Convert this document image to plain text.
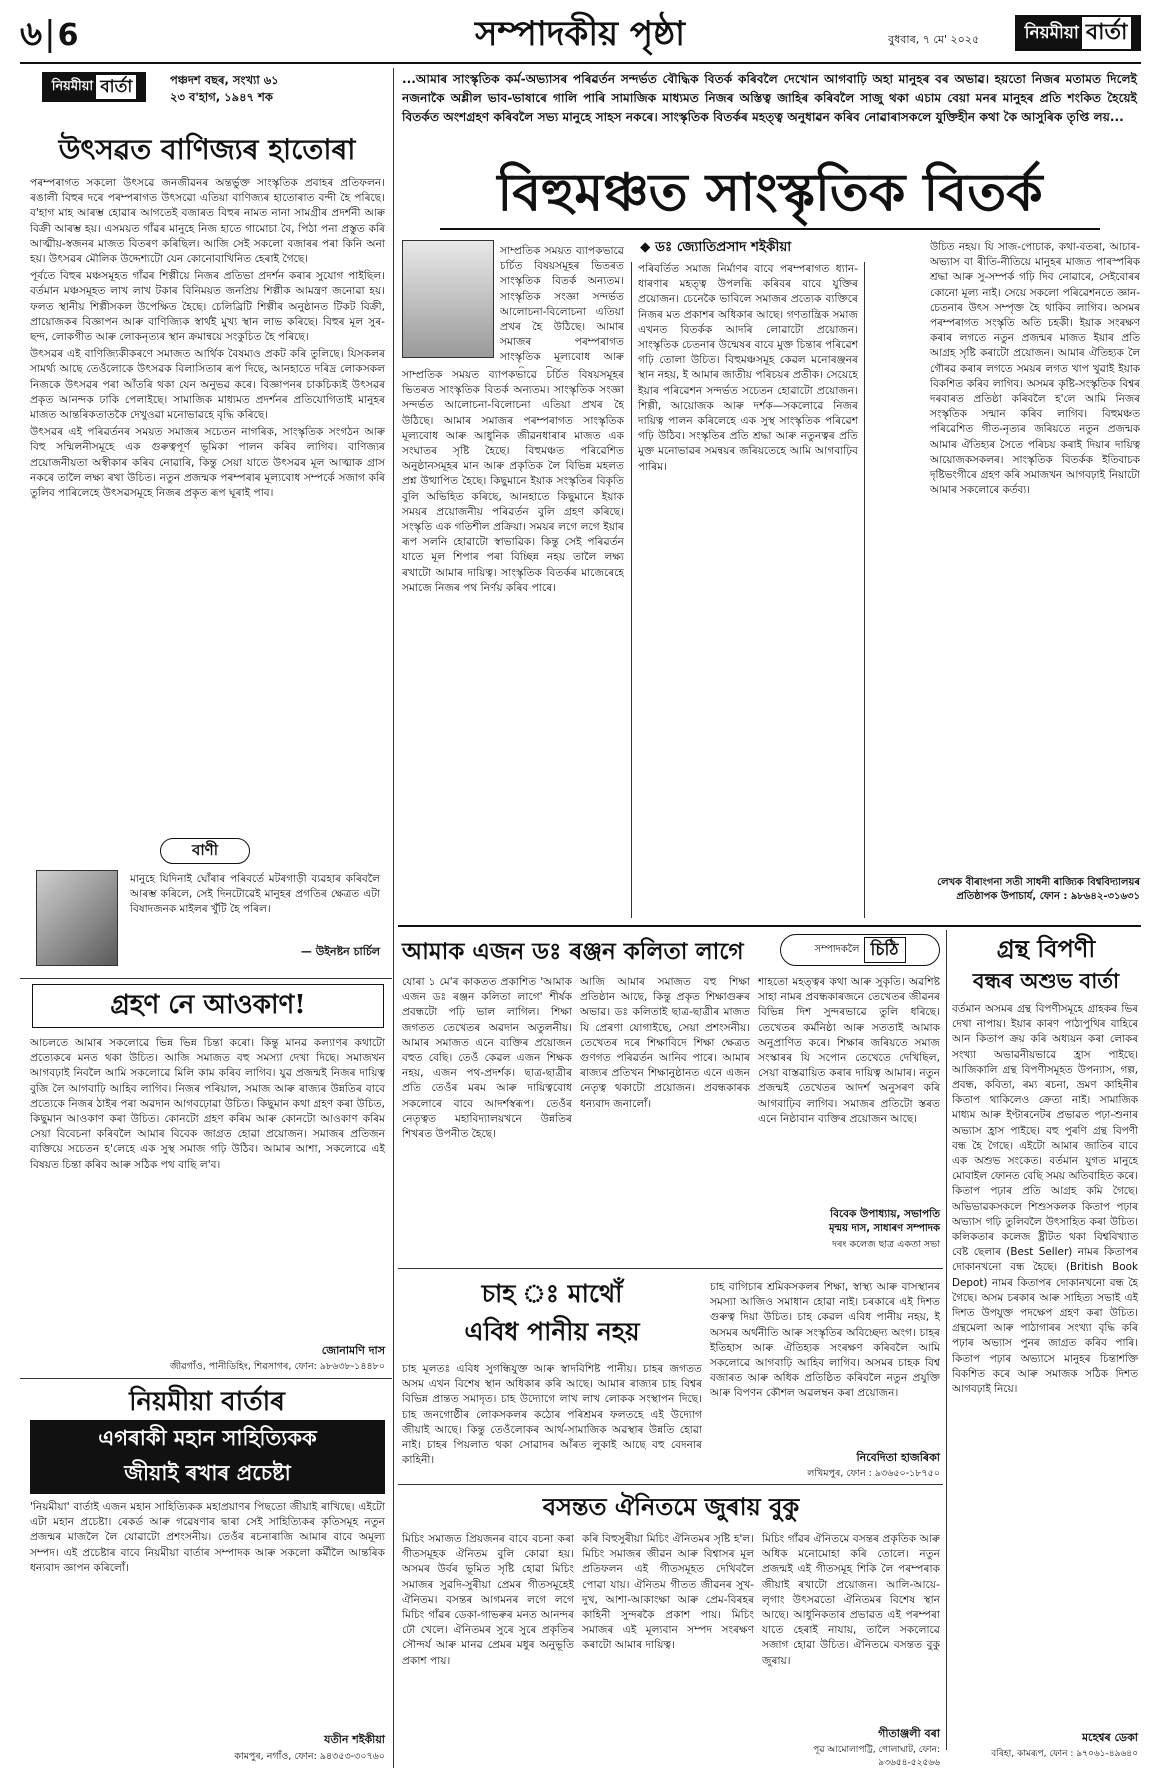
৬|6	সম্পাদকীয় পৃষ্ঠা	বুধবাৰ, ৭ মে' ২০২৫	নিয়মীয়া বাৰ্তা
নিয়মীয়া বাৰ্তা	পঞ্চদশ বছৰ, সংখ্যা ৬১
২৩ ব'হাগ, ১৯৪৭ শক
উৎসৱত বাণিজ্যৰ হাতোৰা

পৰম্পৰাগত সকলো উৎসৱে জনজীৱনৰ অন্তৰ্ভুক্ত সাংস্কৃতিক প্ৰবাহৰ প্ৰতিফলন। ৰঙালী বিহুৰ দৰে পৰম্পৰাগত উৎসৱো এতিয়া বাণিজ্যৰ হাতোৰাত বন্দী হৈ পৰিছে। ব'হাগ মাহ আৰম্ভ হোৱাৰ আগতেই বজাৰত বিহুৰ নামত নানা সামগ্ৰীৰ প্ৰদৰ্শনী আৰু বিক্ৰী আৰম্ভ হয়। এসময়ত গাঁৱৰ মানুহে নিজ হাতে গামোচা বৈ, পিঠা পনা প্ৰস্তুত কৰি আত্মীয়-স্বজনৰ মাজত বিতৰণ কৰিছিল। আজি সেই সকলো বজাৰৰ পৰা কিনি অনা হয়। উৎসৱৰ মৌলিক উদ্দেশ্যটো যেন কোনোবাখিনিত হেৰাই গৈছে।

পূৰ্বতে বিহুৰ মঞ্চসমূহত গাঁৱৰ শিল্পীয়ে নিজৰ প্ৰতিভা প্ৰদৰ্শন কৰাৰ সুযোগ পাইছিল। বৰ্তমান মঞ্চসমূহত লাখ লাখ টকাৰ বিনিময়ত জনপ্ৰিয় শিল্পীক আমন্ত্ৰণ জনোৱা হয়। ফলত স্থানীয় শিল্পীসকল উপেক্ষিত হৈছে। চেলিব্ৰিটি শিল্পীৰ অনুষ্ঠানত টিকট বিক্ৰী, প্ৰায়োজকৰ বিজ্ঞাপন আৰু বাণিজ্যিক স্বাৰ্থই মুখ্য স্থান লাভ কৰিছে। বিহুৰ মূল সুৰ-ছন্দ, লোকগীত আৰু লোকনৃত্যৰ স্থান ক্ৰমান্বয়ে সংকুচিত হৈ পৰিছে।

উৎসৱৰ এই বাণিজ্যিকীকৰণে সমাজত আৰ্থিক বৈষম্যও প্ৰকট কৰি তুলিছে। যিসকলৰ সামৰ্থ্য আছে তেওঁলোকে উৎসৱক বিলাসিতাৰ ৰূপ দিছে, আনহাতে দৰিদ্ৰ লোকসকল নিজকে উৎসৱৰ পৰা আঁতৰি থকা যেন অনুভৱ কৰে। বিজ্ঞাপনৰ চাকচিক্যই উৎসৱৰ প্ৰকৃত আনন্দক ঢাকি পেলাইছে। সামাজিক মাধ্যমত প্ৰদৰ্শনৰ প্ৰতিযোগিতাই মানুহৰ মাজত আন্তৰিকতাতকৈ দেখুওৱা মনোভাৱহে বৃদ্ধি কৰিছে।

উৎসৱৰ এই পৰিৱৰ্তনৰ সময়ত সমাজৰ সচেতন নাগৰিক, সাংস্কৃতিক সংগঠন আৰু বিহু সন্মিলনীসমূহে এক গুৰুত্বপূৰ্ণ ভূমিকা পালন কৰিব লাগিব। বাণিজ্যৰ প্ৰয়োজনীয়তা অস্বীকাৰ কৰিব নোৱাৰি, কিন্তু সেয়া যাতে উৎসৱৰ মূল আত্মাক গ্ৰাস নকৰে তালৈ লক্ষ্য ৰখা উচিত। নতুন প্ৰজন্মক পৰম্পৰাৰ মূল্যবোধ সম্পৰ্কে সজাগ কৰি তুলিব পাৰিলেহে উৎসৱসমূহে নিজৰ প্ৰকৃত ৰূপ ঘূৰাই পাব।

বাণী
মানুহে যিদিনাই ঘোঁৰাৰ পৰিবৰ্তে মটৰগাড়ী ব্যৱহাৰ কৰিবলৈ আৰম্ভ কৰিলে, সেই দিনটোৱেই মানুহৰ প্ৰগতিৰ ক্ষেত্ৰত এটা বিষাদজনক মাইলৰ খুঁটি হৈ পৰিল।
— উইনষ্টন চাৰ্চিল
গ্ৰহণ নে আওকাণ!
আচলতে আমাৰ সকলোৱে ভিন্ন ভিন্ন চিন্তা কৰো। কিন্তু মানৱ কল্যাণৰ কথাটো প্ৰত্যেকৰে মনত থকা উচিত। আজি সমাজত বহু সমস্যা দেখা দিছে। সমাজখন আগবঢ়াই নিবলৈ আমি সকলোৱে মিলি কাম কৰিব লাগিব। যুৱ প্ৰজন্মই নিজৰ দায়িত্ব বুজি লৈ আগবাঢ়ি আহিব লাগিব। নিজৰ পৰিয়াল, সমাজ আৰু ৰাজ্যৰ উন্নতিৰ বাবে প্ৰত্যেকে নিজৰ ঠাইৰ পৰা অৱদান আগবঢ়োৱা উচিত। কিছুমান কথা গ্ৰহণ কৰা উচিত, কিছুমান আওকাণ কৰা উচিত। কোনটো গ্ৰহণ কৰিম আৰু কোনটো আওকাণ কৰিম সেয়া বিবেচনা কৰিবলৈ আমাৰ বিবেক জাগ্ৰত হোৱা প্ৰয়োজন। সমাজৰ প্ৰতিজন ব্যক্তিয়ে সচেতন হ'লেহে এক সুস্থ সমাজ গঢ়ি উঠিব। আমাৰ আশা, সকলোৱে এই বিষয়ত চিন্তা কৰিব আৰু সঠিক পথ বাছি ল'ব।
জোনামণি দাস
জীৱগাঁও, পানীডিহিং, শিৱসাগৰ, ফোন: ৯৮৬৩৮-১৪৪৮০
নিয়মীয়া বাৰ্তাৰ
এগৰাকী মহান সাহিত্যিকক
জীয়াই ৰখাৰ প্ৰচেষ্টা
'নিয়মীয়া' বাৰ্তাই এজন মহান সাহিত্যিকক মহাপ্ৰয়াণৰ পিছতো জীয়াই ৰাখিছে। এইটো এটা মহান প্ৰচেষ্টা। ৰেকৰ্ড আৰু গৱেষণাৰ দ্বাৰা সেই সাহিত্যিকৰ কৃতিসমূহ নতুন প্ৰজন্মৰ মাজলৈ লৈ যোৱাটো প্ৰশংসনীয়। তেওঁৰ ৰচনাৰাজি আমাৰ বাবে অমূল্য সম্পদ। এই প্ৰচেষ্টাৰ বাবে নিয়মীয়া বাৰ্তাৰ সম্পাদক আৰু সকলো কৰ্মীলৈ আন্তৰিক ধন্যবাদ জ্ঞাপন কৰিলোঁ।
যতীন শইকীয়া
কামপুৰ, নগাঁও, ফোন: ৯৪৩৫৩-৩০৭৬০
...আমাৰ সাংস্কৃতিক কৰ্ম-অভ্যাসৰ পৰিৱৰ্তন সন্দৰ্ভত বৌদ্ধিক বিতৰ্ক কৰিবলৈ দেখোন আগবাঢ়ি অহা মানুহৰ বৰ অভাৱ। হয়তো নিজৰ মতামত দিলেই নজনাকৈ অশ্লীল ভাব-ভাষাৰে গালি পাৰি সামাজিক মাধ্যমত নিজৰ অস্তিত্ব জাহিৰ কৰিবলৈ সাজু থকা এচাম বেয়া মনৰ মানুহৰ প্ৰতি শংকিত হৈয়েই বিতৰ্কত অংশগ্ৰহণ কৰিবলৈ সভ্য মানুহে সাহস নকৰে। সাংস্কৃতিক বিতৰ্কৰ মহত্ত্ব অনুধাৱন কৰিব নোৱাৰাসকলে যুক্তিহীন কথা কৈ আসুৰিক তৃপ্তি লয়...
বিহুমঞ্চত সাংস্কৃতিক বিতৰ্ক
◆ ডঃ জ্যোতিপ্ৰসাদ শইকীয়া
সাম্প্ৰতিক সময়ত ব্যাপকভাৱে চৰ্চিত বিষয়সমূহৰ ভিতৰত সাংস্কৃতিক বিতৰ্ক অন্যতম। সাংস্কৃতিক সংজ্ঞা সন্দৰ্ভত আলোচনা-বিলোচনা এতিয়া প্ৰখৰ হৈ উঠিছে। আমাৰ সমাজৰ পৰম্পৰাগত সাংস্কৃতিক মূল্যবোধ আৰু
সাম্প্ৰতিক সময়ত ব্যাপকভাৱে চৰ্চিত বিষয়সমূহৰ ভিতৰত সাংস্কৃতিক বিতৰ্ক অন্যতম। সাংস্কৃতিক সংজ্ঞা সন্দৰ্ভত আলোচনা-বিলোচনা এতিয়া প্ৰখৰ হৈ উঠিছে। আমাৰ সমাজৰ পৰম্পৰাগত সাংস্কৃতিক মূল্যবোধ আৰু আধুনিক জীৱনধাৰাৰ মাজত এক সংঘাতৰ সৃষ্টি হৈছে। বিহুমঞ্চত পৰিৱেশিত অনুষ্ঠানসমূহৰ মান আৰু প্ৰকৃতিক লৈ বিভিন্ন মহলত প্ৰশ্ন উত্থাপিত হৈছে। কিছুমানে ইয়াক সংস্কৃতিৰ বিকৃতি বুলি অভিহিত কৰিছে, আনহাতে কিছুমানে ইয়াক সময়ৰ প্ৰয়োজনীয় পৰিৱৰ্তন বুলি গ্ৰহণ কৰিছে। সংস্কৃতি এক গতিশীল প্ৰক্ৰিয়া। সময়ৰ লগে লগে ইয়াৰ ৰূপ সলনি হোৱাটো স্বাভাৱিক। কিন্তু সেই পৰিৱৰ্তন যাতে মূল শিপাৰ পৰা বিচ্ছিন্ন নহয় তালৈ লক্ষ্য ৰখাটো আমাৰ দায়িত্ব। সাংস্কৃতিক বিতৰ্কৰ মাজেৰেহে সমাজে নিজৰ পথ নিৰ্ণয় কৰিব পাৰে।
পৰিবৰ্তিত সমাজ নিৰ্মাণৰ বাবে পৰম্পৰাগত ধ্যান-ধাৰণাৰ মহত্ত্ব উপলব্ধি কৰিবৰ বাবে যুক্তিৰ প্ৰয়োজন। চেনেকৈ ভাবিলে সমাজৰ প্ৰত্যেক ব্যক্তিৰে নিজৰ মত প্ৰকাশৰ অধিকাৰ আছে। গণতান্ত্ৰিক সমাজ এখনত বিতৰ্কক আদৰি লোৱাটো প্ৰয়োজন। সাংস্কৃতিক চেতনাৰ উন্মেষৰ বাবে মুক্ত চিন্তাৰ পৰিৱেশ গঢ়ি তোলা উচিত। বিহুমঞ্চসমূহ কেৱল মনোৰঞ্জনৰ স্থান নহয়, ই আমাৰ জাতীয় পৰিচয়ৰ প্ৰতীক। সেয়েহে ইয়াৰ পৰিৱেশন সন্দৰ্ভত সচেতন হোৱাটো প্ৰয়োজন। শিল্পী, আয়োজক আৰু দৰ্শক—সকলোৱে নিজৰ দায়িত্ব পালন কৰিলেহে এক সুস্থ সাংস্কৃতিক পৰিৱেশ গঢ়ি উঠিব। সংস্কৃতিৰ প্ৰতি শ্ৰদ্ধা আৰু নতুনত্বৰ প্ৰতি মুক্ত মনোভাৱৰ সমন্বয়ৰ জৰিয়তেহে আমি আগবাঢ়িব পাৰিম।
উচিত নহয়। যি সাজ-পোচাক, কথা-বতৰা, আচাৰ-অভ্যাস বা ৰীতি-নীতিয়ে মানুহৰ মাজত পাৰস্পৰিক শ্ৰদ্ধা আৰু সু-সম্পৰ্ক গঢ়ি দিব নোৱাৰে, সেইবোৰৰ কোনো মূল্য নাই। সেয়ে সকলো পৰিৱেশনতে জ্ঞান-চেতনাৰ উৎস সম্পৃক্ত হৈ থাকিব লাগিব। অসমৰ পৰম্পৰাগত সংস্কৃতি অতি চহকী। ইয়াক সংৰক্ষণ কৰাৰ লগতে নতুন প্ৰজন্মৰ মাজত ইয়াৰ প্ৰতি আগ্ৰহ সৃষ্টি কৰাটো প্ৰয়োজন। আমাৰ ঐতিহ্যক লৈ গৌৰৱ কৰাৰ লগতে সময়ৰ লগত খাপ খুৱাই ইয়াক বিকশিত কৰিব লাগিব। অসমৰ কৃষ্টি-সংস্কৃতিক বিশ্বৰ দৰবাৰত প্ৰতিষ্ঠা কৰিবলৈ হ'লে আমি নিজৰ সংস্কৃতিক সন্মান কৰিব লাগিব। বিহুমঞ্চত পৰিৱেশিত গীত-নৃত্যৰ জৰিয়তে নতুন প্ৰজন্মক আমাৰ ঐতিহ্যৰ সৈতে পৰিচয় কৰাই দিয়াৰ দায়িত্ব আয়োজকসকলৰ। সাংস্কৃতিক বিতৰ্কক ইতিবাচক দৃষ্টিভংগীৰে গ্ৰহণ কৰি সমাজখন আগবঢ়াই নিয়াটো আমাৰ সকলোৰে কৰ্তব্য।
লেখক বীৰাংগনা সতী সাধনী ৰাজ্যিক বিশ্ববিদ্যালয়ৰ প্ৰতিষ্ঠাপক উপাচাৰ্য, ফোন : ৯৮৬৪২-৩১৬৩১
আমাক এজন ডঃ ৰঞ্জন কলিতা লাগে	সম্পাদকলৈ চিঠি
যোৰা ১ মে'ৰ কাকতত প্ৰকাশিত 'আমাক এজন ডঃ ৰঞ্জন কলিতা লাগে' শীৰ্ষক প্ৰবন্ধটো পঢ়ি ভাল লাগিল। শিক্ষা জগতত তেখেতৰ অৱদান অতুলনীয়। আমাৰ সমাজত এনে ব্যক্তিৰ প্ৰয়োজন বহুত বেছি। তেওঁ কেৱল এজন শিক্ষক নহয়, এজন পথ-প্ৰদৰ্শক। ছাত্ৰ-ছাত্ৰীৰ প্ৰতি তেওঁৰ মৰম আৰু দায়িত্ববোধ সকলোৰে বাবে আদৰ্শস্বৰূপ। তেওঁৰ নেতৃত্বত মহাবিদ্যালয়খনে উন্নতিৰ শিখৰত উপনীত হৈছে।
আজি আমাৰ সমাজত বহু শিক্ষা প্ৰতিষ্ঠান আছে, কিন্তু প্ৰকৃত শিক্ষাগুৰুৰ অভাৱ। ডঃ কলিতাই ছাত্ৰ-ছাত্ৰীৰ মাজত যি প্ৰেৰণা যোগাইছে, সেয়া প্ৰশংসনীয়। তেখেতৰ দৰে শিক্ষাবিদে শিক্ষা ক্ষেত্ৰত গুণগত পৰিৱৰ্তন আনিব পাৰে। আমাৰ ৰাজ্যৰ প্ৰতিখন শিক্ষানুষ্ঠানত এনে এজন নেতৃত্ব থকাটো প্ৰয়োজন। প্ৰবন্ধকাৰক ধন্যবাদ জনালোঁ।
শাহতো মহত্ত্বৰ কথা আৰু সুকৃতি। অৱশিষ্ট সাহা নামৰ প্ৰবন্ধকাৰজনে তেখেতৰ জীৱনৰ বিভিন্ন দিশ সুন্দৰভাৱে তুলি ধৰিছে। তেখেতৰ কৰ্মনিষ্ঠা আৰু সততাই আমাক অনুপ্ৰাণিত কৰে। শিক্ষাৰ জৰিয়তে সমাজ সংস্কাৰৰ যি সপোন তেখেতে দেখিছিল, সেয়া বাস্তৱায়িত কৰাৰ দায়িত্ব আমাৰ। নতুন প্ৰজন্মই তেখেতৰ আদৰ্শ অনুসৰণ কৰি আগবাঢ়িব লাগিব। সমাজৰ প্ৰতিটো স্তৰত এনে নিষ্ঠাবান ব্যক্তিৰ প্ৰয়োজন আছে।
বিবেক উপাধ্যায়, সভাপতি
মৃন্ময় দাস, সাধাৰণ সম্পাদক
দৰং কলেজ ছাত্ৰ একতা সভা
গ্ৰন্থ বিপণী
বন্ধৰ অশুভ বাৰ্তা
বৰ্তমান অসমৰ গ্ৰন্থ বিপণীসমূহে গ্ৰাহকৰ ভিৰ দেখা নাপায়। ইয়াৰ কাৰণ পাঠ্যপুথিৰ বাহিৰে আন কিতাপ ক্ৰয় কৰি অধ্যয়ন কৰা লোকৰ সংখ্যা অভাৱনীয়ভাৱে হ্ৰাস পাইছে। আজিকালি গ্ৰন্থ বিপণীসমূহত উপন্যাস, গল্প, প্ৰবন্ধ, কবিতা, ৰম্য ৰচনা, ভ্ৰমণ কাহিনীৰ কিতাপ থাকিলেও ক্ৰেতা নাই। সামাজিক মাধ্যম আৰু ইণ্টাৰনেটৰ প্ৰভাৱত পঢ়া-শুনাৰ অভ্যাস হ্ৰাস পাইছে। বহু পুৰণি গ্ৰন্থ বিপণী বন্ধ হৈ গৈছে। এইটো আমাৰ জাতিৰ বাবে এক অশুভ সংকেত। বৰ্তমান যুগত মানুহে মোবাইল ফোনত বেছি সময় অতিবাহিত কৰে। কিতাপ পঢ়াৰ প্ৰতি আগ্ৰহ কমি গৈছে। অভিভাৱকসকলে শিশুসকলক কিতাপ পঢ়াৰ অভ্যাস গঢ়ি তুলিবলৈ উৎসাহিত কৰা উচিত। কলিকতাৰ কলেজ ষ্ট্ৰীটত থকা বিশ্ববিখ্যাত বেষ্ট ছেলাৰ (Best Seller) নামৰ কিতাপৰ দোকানখনো বন্ধ হৈছে। (British Book Depot) নামৰ কিতাপৰ দোকানখনো বন্ধ হৈ গৈছে। অসম চৰকাৰ আৰু সাহিত্য সভাই এই দিশত উপযুক্ত পদক্ষেপ গ্ৰহণ কৰা উচিত। গ্ৰন্থমেলা আৰু পাঠাগাৰৰ সংখ্যা বৃদ্ধি কৰি পঢ়াৰ অভ্যাস পুনৰ জাগ্ৰত কৰিব পাৰি। কিতাপ পঢ়াৰ অভ্যাসে মানুহৰ চিন্তাশক্তি বিকশিত কৰে আৰু সমাজক সঠিক দিশত আগবঢ়াই নিয়ে।
মহেশ্বৰ ডেকা
বৰিহা, কামৰূপ, ফোন : ৯৭০৬১-৪৯৬৪০
চাহ ঃ মাথোঁ
এবিধ পানীয় নহয়
চাহ মূলতঃ এবিধ সুগন্ধিযুক্ত আৰু স্বাদবিশিষ্ট পানীয়। চাহৰ জগতত অসম এখন বিশেষ স্থান অধিকাৰ কৰি আছে। আমাৰ ৰাজ্যৰ চাহ বিশ্বৰ বিভিন্ন প্ৰান্তত সমাদৃত। চাহ উদ্যোগে লাখ লাখ লোকক সংস্থাপন দিছে। চাহ জনগোষ্ঠীৰ লোকসকলৰ কঠোৰ পৰিশ্ৰমৰ ফলতহে এই উদ্যোগ জীয়াই আছে। কিন্তু তেওঁলোকৰ আৰ্থ-সামাজিক অৱস্থাৰ উন্নতি হোৱা নাই। চাহৰ পিয়লাত থকা সোৱাদৰ আঁৰত লুকাই আছে বহু বেদনাৰ কাহিনী।
চাহ বাগিচাৰ শ্ৰমিকসকলৰ শিক্ষা, স্বাস্থ্য আৰু বাসস্থানৰ সমস্যা আজিও সমাধান হোৱা নাই। চৰকাৰে এই দিশত গুৰুত্ব দিয়া উচিত। চাহ কেৱল এবিধ পানীয় নহয়, ই অসমৰ অৰ্থনীতি আৰু সংস্কৃতিৰ অবিচ্ছেদ্য অংগ। চাহৰ ইতিহাস আৰু ঐতিহ্যক সংৰক্ষণ কৰিবলৈ আমি সকলোৱে আগবাঢ়ি আহিব লাগিব। অসমৰ চাহক বিশ্ব বজাৰত আৰু অধিক প্ৰতিষ্ঠিত কৰিবলৈ নতুন প্ৰযুক্তি আৰু বিপণন কৌশল অৱলম্বন কৰা প্ৰয়োজন।
নিবেদিতা হাজৰিকা
লখিমপুৰ, ফোন : ৯৩৬৫০-১৮৭৫০
বসন্তত ঐনিতমে জুৰায় বুকু
মিচিং সমাজত প্ৰিয়জনৰ বাবে বচনা কৰা গীতসমূহক ঐনিতম বুলি কোৱা হয়। অসমৰ উৰ্বৰ ভূমিত সৃষ্টি হোৱা মিচিং সমাজৰ সুৱদি-সুৰীয়া প্ৰেমৰ গীতসমূহেই ঐনিতম। বসন্তৰ আগমনৰ লগে লগে মিচিং গাঁৱৰ ডেকা-গাভৰুৰ মনত আনন্দৰ ঢৌ খেলে। ঐনিতমৰ সুৰে সুৰে প্ৰকৃতিৰ সৌন্দৰ্য আৰু মানৱ প্ৰেমৰ মধুৰ অনুভূতি প্ৰকাশ পায়।
কৰি বিহুসুৰীয়া মিচিং ঐনিতমৰ সৃষ্টি হ'ল। মিচিং সমাজৰ জীৱন আৰু বিশ্বাসৰ মূল প্ৰতিফলন এই গীতসমূহত দেখিবলৈ পোৱা যায়। ঐনিতম গীতত জীৱনৰ সুখ-দুখ, আশা-আকাংক্ষা আৰু প্ৰেম-বিৰহৰ কাহিনী সুন্দৰকৈ প্ৰকাশ পায়। মিচিং সমাজৰ এই মূল্যবান সম্পদ সংৰক্ষণ কৰাটো আমাৰ দায়িত্ব।
মিচিং গাঁৱৰ ঐনিতমে বসন্তৰ প্ৰকৃতিক আৰু অধিক মনোমোহা কৰি তোলে। নতুন প্ৰজন্মই এই গীতসমূহ শিকি লৈ পৰম্পৰাক জীয়াই ৰখাটো প্ৰয়োজন। আলি-আয়ে-লৃগাং উৎসৱতো ঐনিতমৰ বিশেষ স্থান আছে। আধুনিকতাৰ প্ৰভাৱত এই পৰম্পৰা যাতে হেৰাই নাযায়, তালৈ সকলোৱে সজাগ হোৱা উচিত। ঐনিতমে বসন্তত বুকু জুৰায়।
গীতাঞ্জলী বৰা
পূৱ আমোলাপট্টি, গোলাঘাট, ফোন: ৯৩৬৫৪-৫২৫৬৬
